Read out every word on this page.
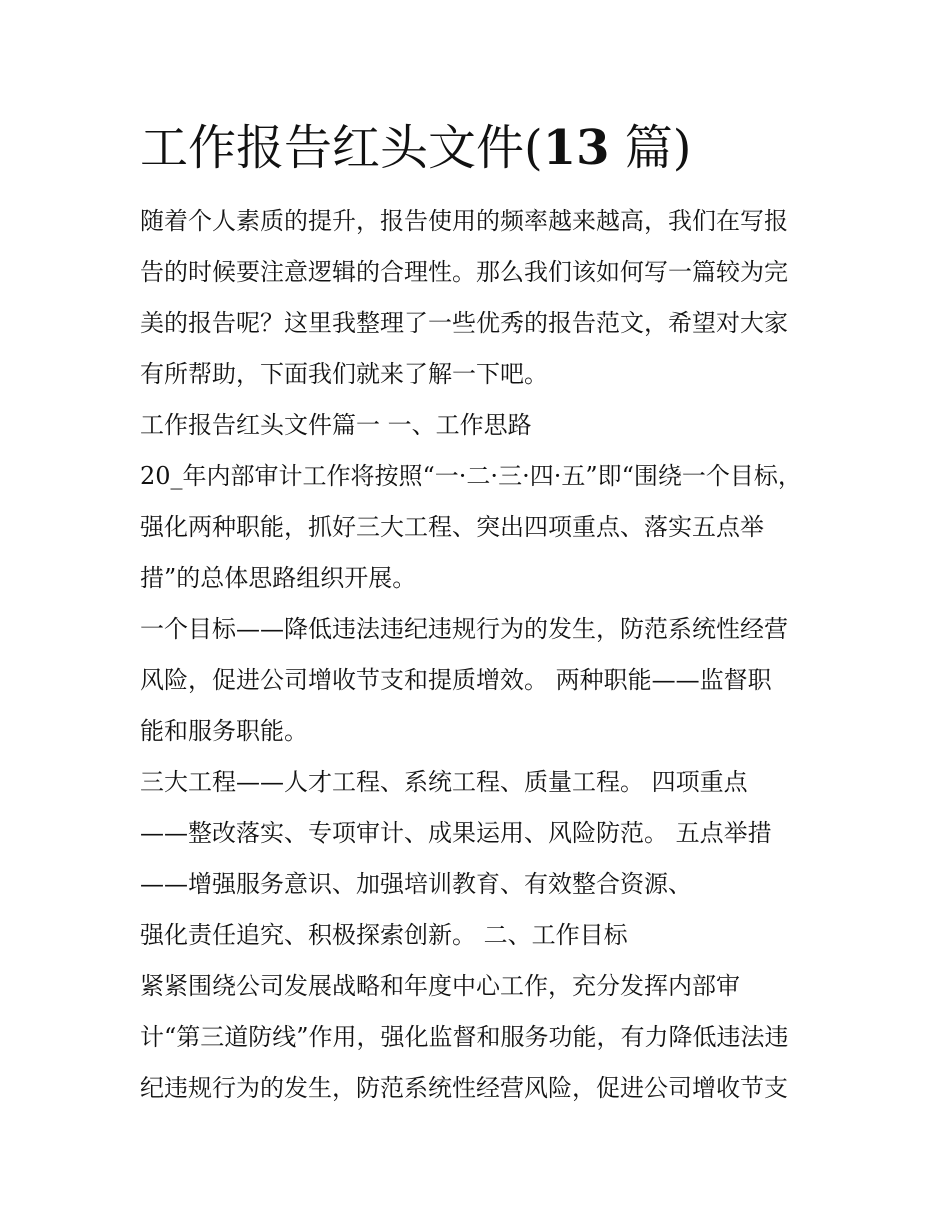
工作报告红头文件(13 篇)

随着个人素质的提升，报告使用的频率越来越高，我们在写报

告的时候要注意逻辑的合理性。那么我们该如何写一篇较为完

美的报告呢？这里我整理了一些优秀的报告范文，希望对大家

有所帮助，下面我们就来了解一下吧。

工作报告红头文件篇一 一、工作思路

20_年内部审计工作将按照“一·二·三·四·五”即“围绕一个目标，

强化两种职能，抓好三大工程、突出四项重点、落实五点举

措”的总体思路组织开展。

一个目标——降低违法违纪违规行为的发生，防范系统性经营

风险，促进公司增收节支和提质增效。 两种职能——监督职

能和服务职能。

三大工程——人才工程、系统工程、质量工程。 四项重点

——整改落实、专项审计、成果运用、风险防范。 五点举措

——增强服务意识、加强培训教育、有效整合资源、

强化责任追究、积极探索创新。 二、工作目标

紧紧围绕公司发展战略和年度中心工作，充分发挥内部审

计“第三道防线”作用，强化监督和服务功能，有力降低违法违

纪违规行为的发生，防范系统性经营风险，促进公司增收节支
